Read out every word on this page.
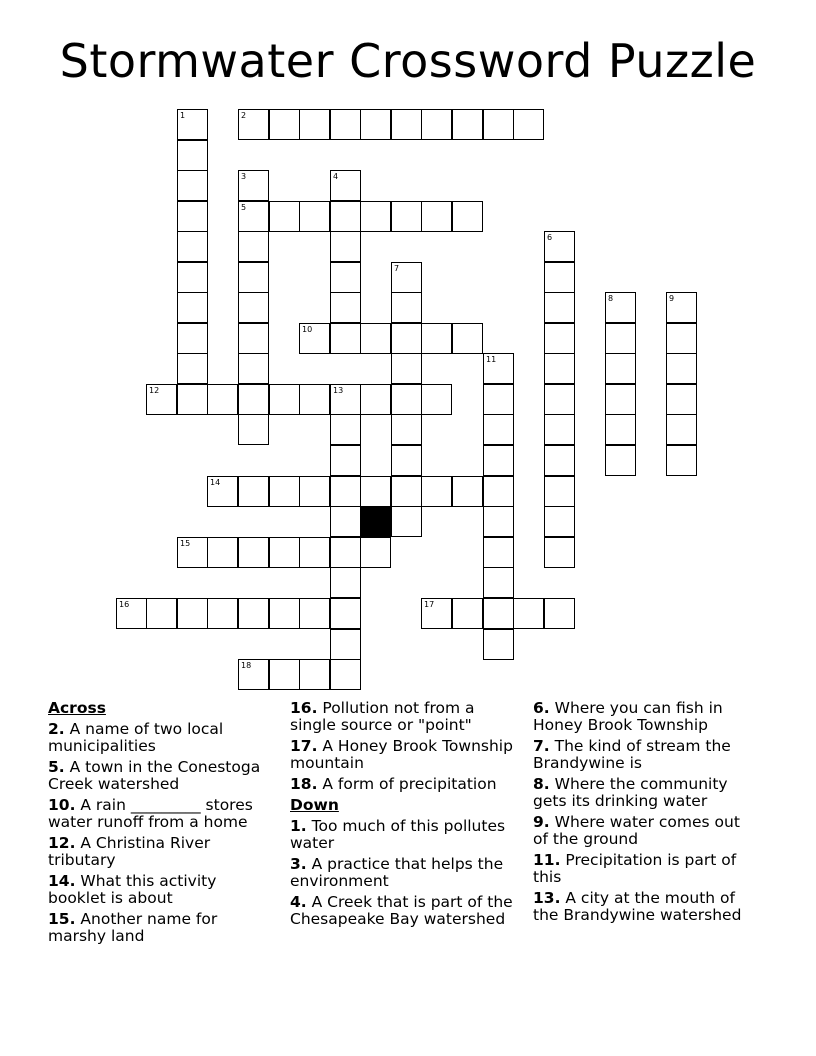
Stormwater Crossword Puzzle
1	2
3	4
5
6
7
8	9
10
11
12	13
14
15
16	17
18
Across
2. A name of two local municipalities
5. A town in the Conestoga Creek watershed
10. A rain _________ stores water runoff from a home
12. A Christina River tributary
14. What this activity booklet is about
15. Another name for marshy land
16. Pollution not from a single source or "point"
17. A Honey Brook Township mountain
18. A form of precipitation
Down
1. Too much of this pollutes water
3. A practice that helps the environment
4. A Creek that is part of the Chesapeake Bay watershed
6. Where you can fish in Honey Brook Township
7. The kind of stream the Brandywine is
8. Where the community gets its drinking water
9. Where water comes out of the ground
11. Precipitation is part of this
13. A city at the mouth of the Brandywine watershed
